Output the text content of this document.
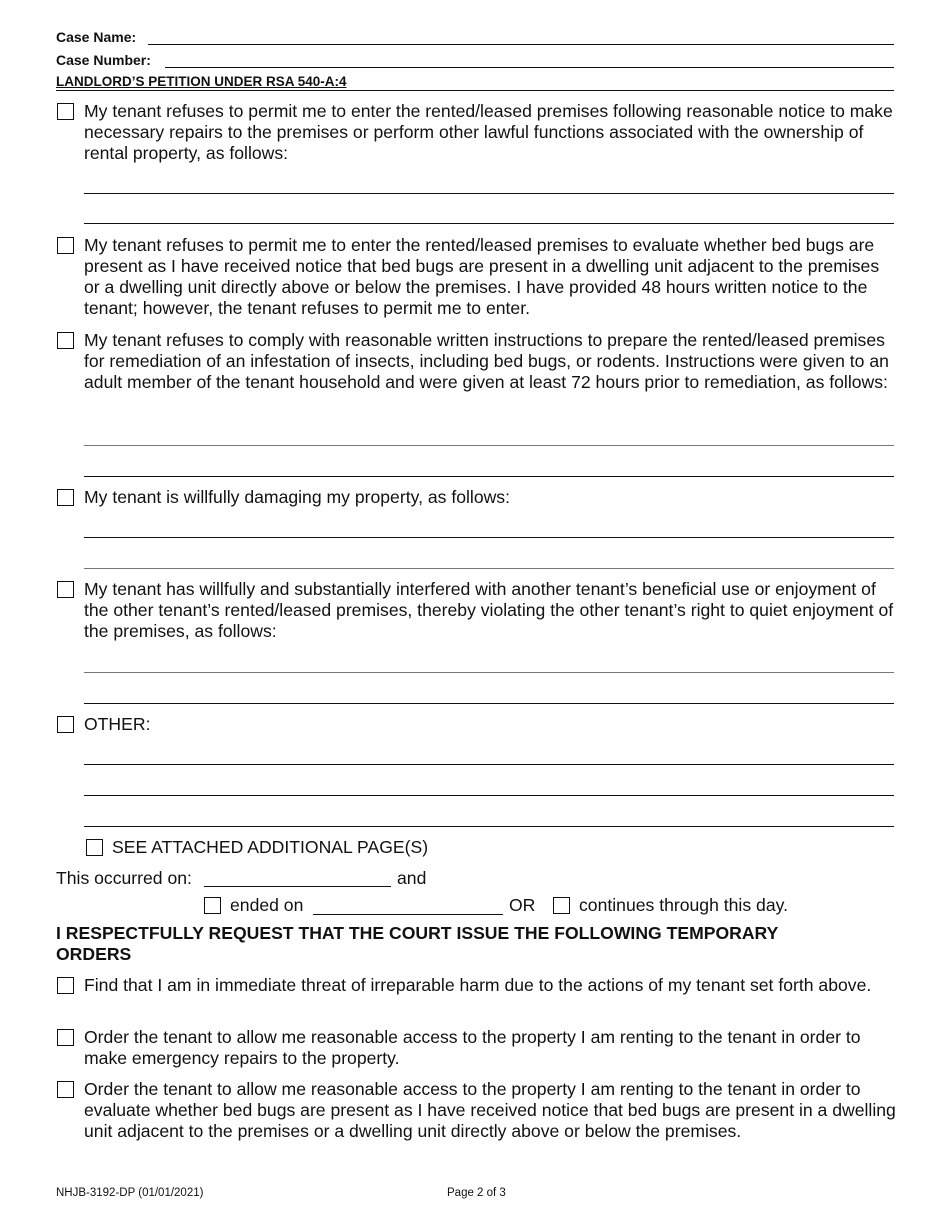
Case Name:
Case Number:
LANDLORD’S PETITION UNDER RSA 540-A:4
My tenant refuses to permit me to enter the rented/leased premises following reasonable notice to make necessary repairs to the premises or perform other lawful functions associated with the ownership of rental property, as follows:
My tenant refuses to permit me to enter the rented/leased premises to evaluate whether bed bugs are present as I have received notice that bed bugs are present in a dwelling unit adjacent to the premises or a dwelling unit directly above or below the premises. I have provided 48 hours written notice to the tenant; however, the tenant refuses to permit me to enter.
My tenant refuses to comply with reasonable written instructions to prepare the rented/leased premises for remediation of an infestation of insects, including bed bugs, or rodents. Instructions were given to an adult member of the tenant household and were given at least 72 hours prior to remediation, as follows:
My tenant is willfully damaging my property, as follows:
My tenant has willfully and substantially interfered with another tenant’s beneficial use or enjoyment of the other tenant’s rented/leased premises, thereby violating the other tenant’s right to quiet enjoyment of the premises, as follows:
OTHER:
SEE ATTACHED ADDITIONAL PAGE(S)
This occurred on:	and
ended on	OR continues through this day.
I RESPECTFULLY REQUEST THAT THE COURT ISSUE THE FOLLOWING TEMPORARY ORDERS
Find that I am in immediate threat of irreparable harm due to the actions of my tenant set forth above.
Order the tenant to allow me reasonable access to the property I am renting to the tenant in order to make emergency repairs to the property.
Order the tenant to allow me reasonable access to the property I am renting to the tenant in order to evaluate whether bed bugs are present as I have received notice that bed bugs are present in a dwelling unit adjacent to the premises or a dwelling unit directly above or below the premises.
NHJB-3192-DP (01/01/2021)	Page 2 of 3
